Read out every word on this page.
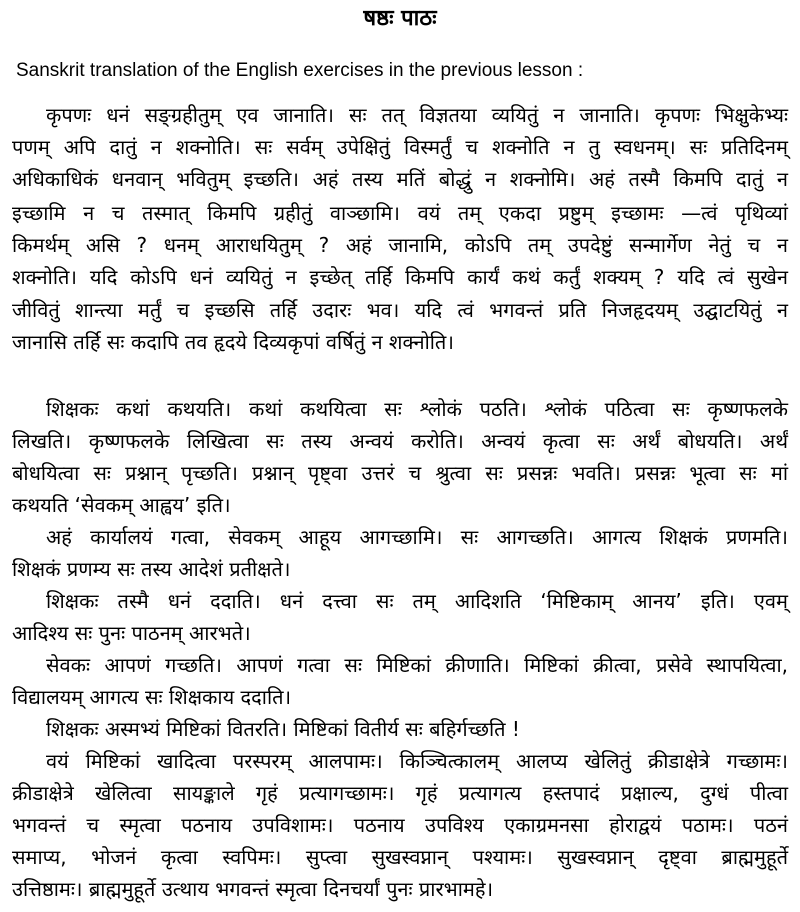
षष्ठः पाठः
Sanskrit translation of the English exercises in the previous lesson :
कृपणः धनं सङ्ग्रहीतुम् एव जानाति। सः तत् विज्ञतया व्ययितुं न जानाति। कृपणः भिक्षुकेभ्यः
पणम् अपि दातुं न शक्नोति। सः सर्वम् उपेक्षितुं विस्मर्तुं च शक्नोति न तु स्वधनम्। सः प्रतिदिनम्
अधिकाधिकं धनवान् भवितुम् इच्छति। अहं तस्य मतिं बोद्धुं न शक्नोमि। अहं तस्मै किमपि दातुं न
इच्छामि न च तस्मात् किमपि ग्रहीतुं वाञ्छामि। वयं तम् एकदा प्रष्टुम् इच्छामः —त्वं पृथिव्यां
किमर्थम् असि ? धनम् आराधयितुम् ? अहं जानामि, कोऽपि तम् उपदेष्टुं सन्मार्गेण नेतुं च न
शक्नोति। यदि कोऽपि धनं व्ययितुं न इच्छेत् तर्हि किमपि कार्यं कथं कर्तुं शक्यम् ? यदि त्वं सुखेन
जीवितुं शान्त्या मर्तुं च इच्छसि तर्हि उदारः भव। यदि त्वं भगवन्तं प्रति निजहृदयम् उद्घाटयितुं न
जानासि तर्हि सः कदापि तव हृदये दिव्यकृपां वर्षितुं न शक्नोति।
शिक्षकः कथां कथयति। कथां कथयित्वा सः श्लोकं पठति। श्लोकं पठित्वा सः कृष्णफलके
लिखति। कृष्णफलके लिखित्वा सः तस्य अन्वयं करोति। अन्वयं कृत्वा सः अर्थं बोधयति। अर्थं
बोधयित्वा सः प्रश्नान् पृच्छति। प्रश्नान् पृष्ट्वा उत्तरं च श्रुत्वा सः प्रसन्नः भवति। प्रसन्नः भूत्वा सः मां
कथयति ‘सेवकम् आह्वय’ इति।
अहं कार्यालयं गत्वा, सेवकम् आहूय आगच्छामि। सः आगच्छति। आगत्य शिक्षकं प्रणमति।
शिक्षकं प्रणम्य सः तस्य आदेशं प्रतीक्षते।
शिक्षकः तस्मै धनं ददाति। धनं दत्त्वा सः तम् आदिशति ‘मिष्टिकाम् आनय’ इति। एवम्
आदिश्य सः पुनः पाठनम् आरभते।
सेवकः आपणं गच्छति। आपणं गत्वा सः मिष्टिकां क्रीणाति। मिष्टिकां क्रीत्वा, प्रसेवे स्थापयित्वा,
विद्यालयम् आगत्य सः शिक्षकाय ददाति।
शिक्षकः अस्मभ्यं मिष्टिकां वितरति। मिष्टिकां वितीर्य सः बहिर्गच्छति !
वयं मिष्टिकां खादित्वा परस्परम् आलपामः। किञ्चित्कालम् आलप्य खेलितुं क्रीडाक्षेत्रे गच्छामः।
क्रीडाक्षेत्रे खेलित्वा सायङ्काले गृहं प्रत्यागच्छामः। गृहं प्रत्यागत्य हस्तपादं प्रक्षाल्य, दुग्धं पीत्वा
भगवन्तं च स्मृत्वा पठनाय उपविशामः। पठनाय उपविश्य एकाग्रमनसा होराद्वयं पठामः। पठनं
समाप्य, भोजनं कृत्वा स्वपिमः। सुप्त्वा सुखस्वप्नान् पश्यामः। सुखस्वप्नान् दृष्ट्वा ब्राह्ममुहूर्ते
उत्तिष्ठामः। ब्राह्ममुहूर्ते उत्थाय भगवन्तं स्मृत्वा दिनचर्यां पुनः प्रारभामहे।
